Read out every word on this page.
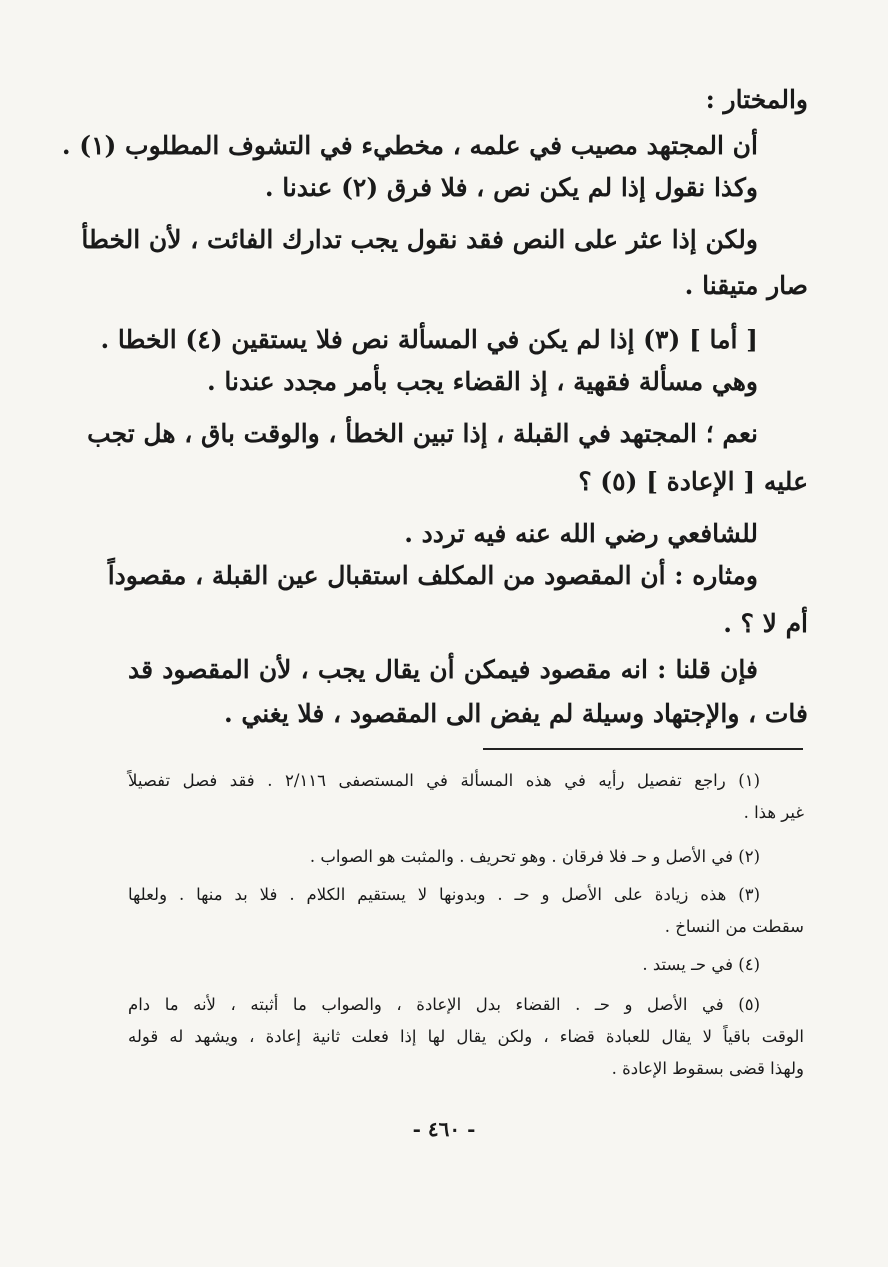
والمختار :
أن المجتهد مصيب في علمه ، مخطيء في التشوف المطلوب (١) .
وكذا نقول إذا لم يكن نص ، فلا فرق (٢) عندنا .
ولكن إذا عثر على النص فقد نقول يجب تدارك الفائت ، لأن الخطأ
صار متيقنا .
[ أما ] (٣) إذا لم يكن في المسألة نص فلا يستقين (٤) الخطا .
وهي مسألة فقهية ، إذ القضاء يجب بأمر مجدد عندنا .
نعم ؛ المجتهد في القبلة ، إذا تبين الخطأ ، والوقت باق ، هل تجب
عليه [ الإعادة ] (٥) ؟
للشافعي رضي الله عنه فيه تردد .
ومثاره : أن المقصود من المكلف استقبال عين القبلة ، مقصوداً
أم لا ؟ .
فإن قلنا : انه مقصود فيمكن أن يقال يجب ، لأن المقصود قد
فات ، والإجتهاد وسيلة لم يفض الى المقصود ، فلا يغني .
(١) راجع تفصيل رأيه في هذه المسألة في المستصفى ٢/١١٦ . فقد فصل تفصيلاً
غير هذا .
(٢) في الأصل و حـ فلا فرقان . وهو تحريف . والمثبت هو الصواب .
(٣) هذه زيادة على الأصل و حـ . وبدونها لا يستقيم الكلام . فلا بد منها . ولعلها
سقطت من النساخ .
(٤) في حـ يستد .
(٥) في الأصل و حـ . القضاء بدل الإعادة ، والصواب ما أثبته ، لأنه ما دام
الوقت باقياً لا يقال للعبادة قضاء ، ولكن يقال لها إذا فعلت ثانية إعادة ، ويشهد له قوله
ولهذا قضى بسقوط الإعادة .
- ٤٦٠ -
